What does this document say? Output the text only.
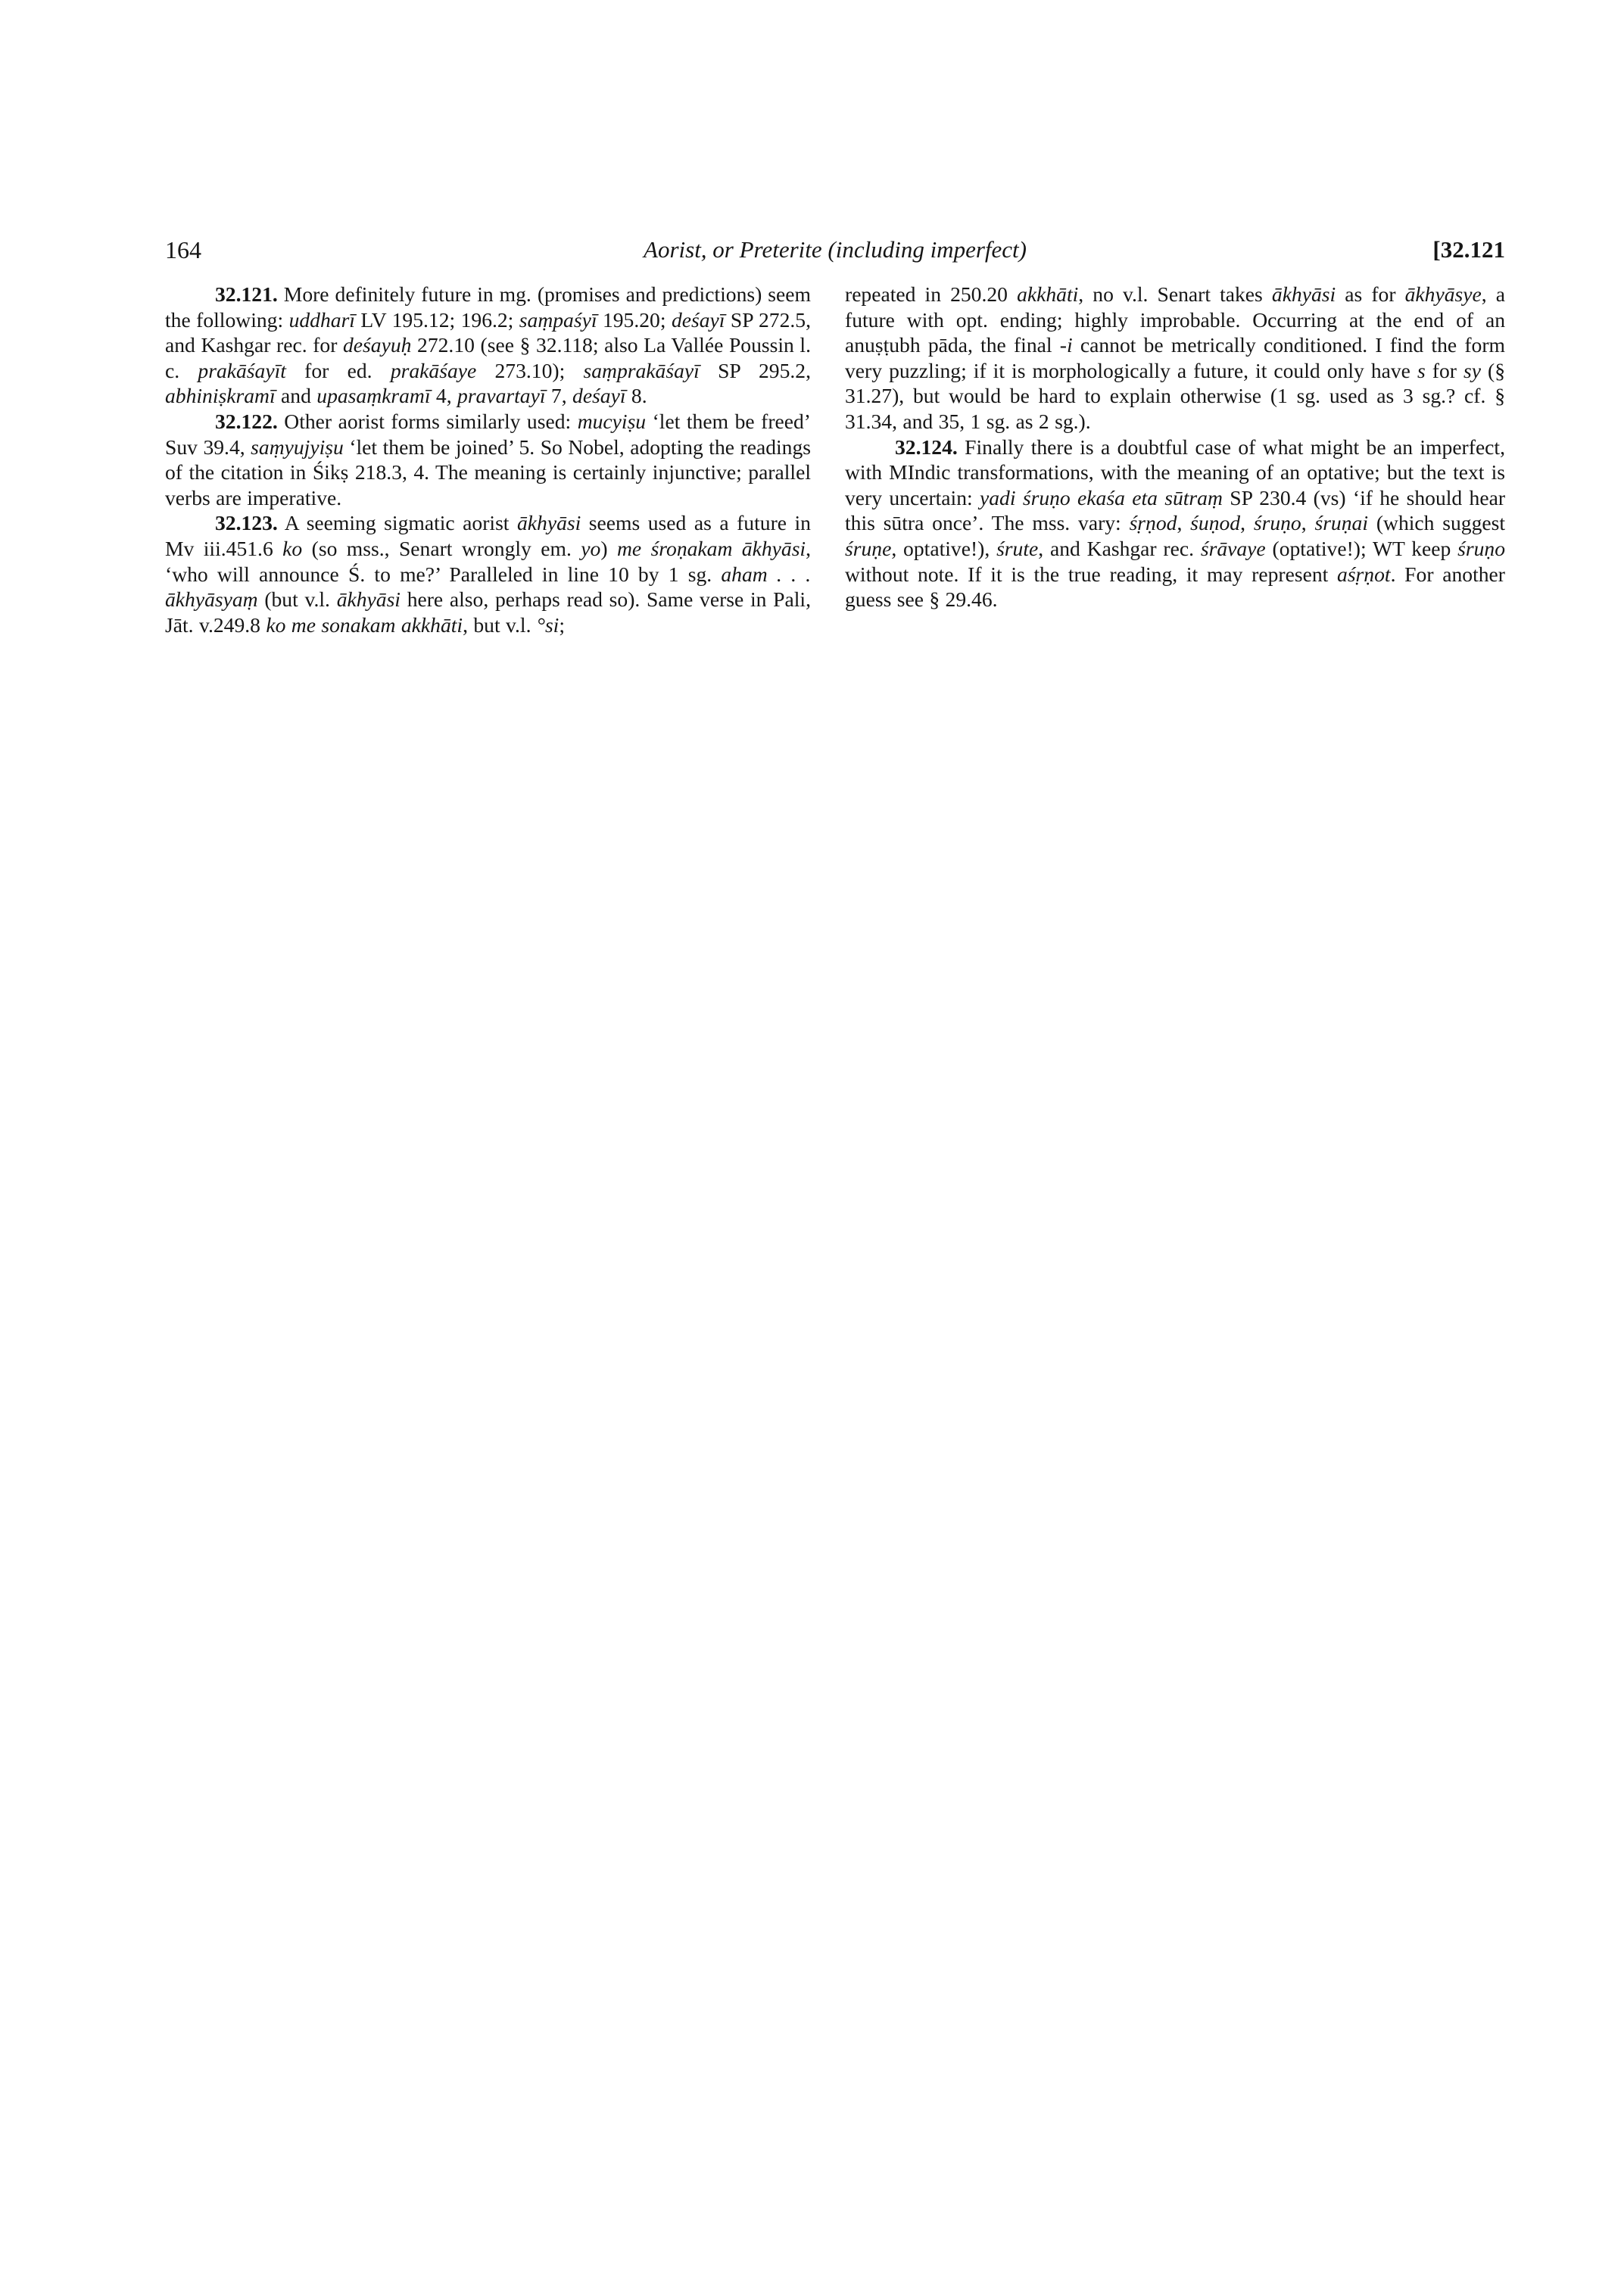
164	Aorist, or Preterite (including imperfect)	[32.121

32.121. More definitely future in mg. (promises and predictions) seem the following: uddharī LV 195.12; 196.2; saṃpaśyī 195.20; deśayī SP 272.5, and Kashgar rec. for deśayuḥ 272.10 (see § 32.118; also La Vallée Poussin l. c. prakāśayīt for ed. prakāśaye 273.10); saṃprakāśayī SP 295.2, abhiniṣkramī and upasaṃkramī 4, pravartayī 7, deśayī 8.

32.122. Other aorist forms similarly used: mucyiṣu ‘let them be freed’ Suv 39.4, saṃyujyiṣu ‘let them be joined’ 5. So Nobel, adopting the readings of the citation in Śikṣ 218.3, 4. The meaning is certainly injunctive; parallel verbs are imperative.

32.123. A seeming sigmatic aorist ākhyāsi seems used as a future in Mv iii.451.6 ko (so mss., Senart wrongly em. yo) me śroṇakam ākhyāsi, ‘who will announce Ś. to me?’ Paralleled in line 10 by 1 sg. aham . . . ākhyāsyaṃ (but v.l. ākhyāsi here also, perhaps read so). Same verse in Pali, Jāt. v.249.8 ko me sonakam akkhāti, but v.l. °si;

repeated in 250.20 akkhāti, no v.l. Senart takes ākhyāsi as for ākhyāsye, a future with opt. ending; highly improbable. Occurring at the end of an anuṣṭubh pāda, the final -i cannot be metrically conditioned. I find the form very puzzling; if it is morphologically a future, it could only have s for sy (§ 31.27), but would be hard to explain otherwise (1 sg. used as 3 sg.? cf. § 31.34, and 35, 1 sg. as 2 sg.).

32.124. Finally there is a doubtful case of what might be an imperfect, with MIndic transformations, with the meaning of an optative; but the text is very uncertain: yadi śruṇo ekaśa eta sūtraṃ SP 230.4 (vs) ‘if he should hear this sūtra once’. The mss. vary: śṛṇod, śuṇod, śruṇo, śruṇai (which suggest śruṇe, optative!), śrute, and Kashgar rec. śrāvaye (optative!); WT keep śruṇo without note. If it is the true reading, it may represent aśṛṇot. For another guess see § 29.46.
